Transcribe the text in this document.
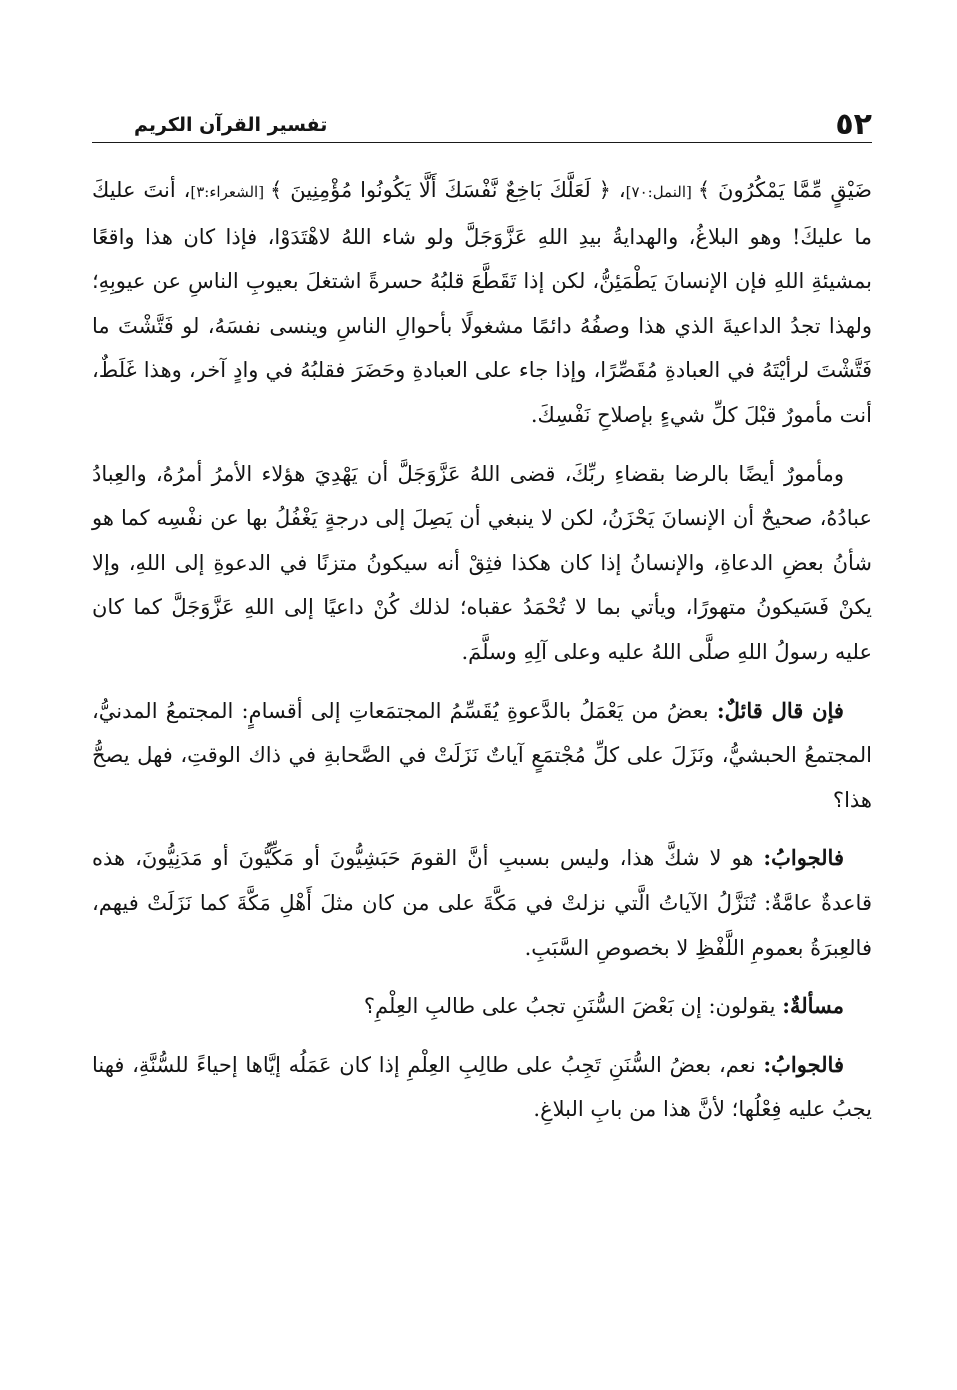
٥٢
تفسير القرآن الكريم

ضَيْقٍ مِّمَّا يَمْكُرُونَ ﴾ [النمل:٧٠]، ﴿ لَعَلَّكَ بَاخِعٌ نَّفْسَكَ أَلَّا يَكُونُوا مُؤْمِنِينَ ﴾ [الشعراء:٣]، أنتَ عليكَ ما عليكَ! وهو البلاغُ، والهدايةُ بيدِ اللهِ عَزَّوَجَلَّ ولو شاء اللهُ لاهْتَدَوْا، فإذا كان هذا واقعًا بمشيئةِ اللهِ فإن الإنسانَ يَطْمَئِنُّ، لكن إذا تَقَطَّعَ قلبُهُ حسرةً اشتغلَ بعيوبِ الناسِ عن عيوبِهِ؛ ولهذا تجدُ الداعيةَ الذي هذا وصفُهُ دائمًا مشغولًا بأحوالِ الناسِ وينسى نفسَهُ، لو فَتَّشْتَ ما فَتَّشْتَ لرأيْتَهُ في العبادةِ مُقَصِّرًا، وإذا جاء على العبادةِ وحَضَرَ فقلبُهُ في وادٍ آخر، وهذا غَلَطٌ، أنت مأمورٌ قبْلَ كلِّ شيءٍ بإصلاحِ نَفْسِكَ.

ومأمورٌ أيضًا بالرضا بقضاءِ ربِّكَ، قضى اللهُ عَزَّوَجَلَّ أن يَهْدِيَ هؤلاء الأمرُ أمرُهُ، والعِبادُ عبادُهُ، صحيحٌ أن الإنسانَ يَحْزَنُ، لكن لا ينبغي أن يَصِلَ إلى درجةٍ يَغْفُلُ بها عن نفْسِه كما هو شأنُ بعضِ الدعاةِ، والإنسانُ إذا كان هكذا فثِقْ أنه سيكونُ متزنًا في الدعوةِ إلى اللهِ، وإلا يكنْ فَسَيكونُ متهورًا، ويأتي بما لا تُحْمَدُ عقباه؛ لذلك كُنْ داعيًا إلى اللهِ عَزَّوَجَلَّ كما كان عليه رسولُ اللهِ صلَّى اللهُ عليه وعلى آلِهِ وسلَّمَ.

فإن قال قائلٌ: بعضُ من يَعْمَلُ بالدَّعوةِ يُقَسِّمُ المجتمَعاتِ إلى أقسامٍ: المجتمعُ المدنيُّ، المجتمعُ الحبشيُّ، ونَزَلَ على كلِّ مُجْتمَعٍ آياتٌ نَزَلَتْ في الصَّحابةِ في ذاك الوقتِ، فهل يصحُّ هذا؟

فالجوابُ: هو لا شكَّ هذا، وليس بسببِ أنَّ القومَ حَبَشِيُّونَ أو مَكِّيُّونَ أو مَدَنِيُّونَ، هذه قاعدةٌ عامَّةٌ: تُنَزَّلُ الآياتُ الَّتي نزلتْ في مَكَّةَ على من كان مثلَ أَهْلِ مَكَّةَ كما نَزَلَتْ فيهم، فالعِبرَةُ بعمومِ اللَّفْظِ لا بخصوصِ السَّبَبِ.

مسألةٌ: يقولون: إن بَعْضَ السُّنَنِ تجبُ على طالبِ العِلْمِ؟

فالجوابُ: نعم، بعضُ السُّنَنِ تَجِبُ على طالِبِ العِلْمِ إذا كان عَمَلُه إيَّاها إحياءً للسُّنَّةِ، فهنا يجبُ عليه فِعْلُها؛ لأنَّ هذا من بابِ البلاغِ.
